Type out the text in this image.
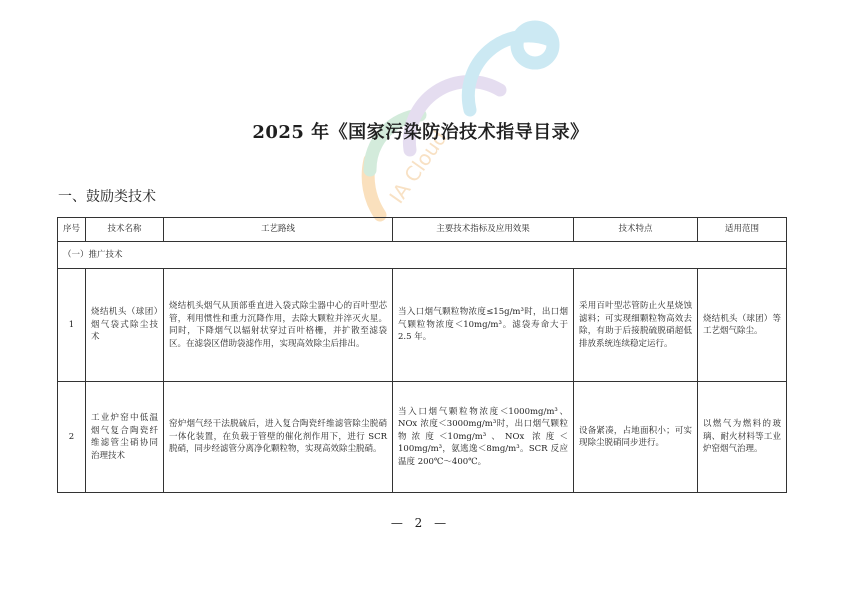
IA Cloud
2025 年《国家污染防治技术指导目录》
一、鼓励类技术
序号	技术名称	工艺路线	主要技术指标及应用效果	技术特点	适用范围
（一）推广技术					
1	烧结机头（球团）烟气袋式除尘技术	烧结机头烟气从顶部垂直进入袋式除尘器中心的百叶型芯管，利用惯性和重力沉降作用，去除大颗粒并淬灭火星。同时，下降烟气以辐射状穿过百叶格栅，并扩散至滤袋区。在滤袋区借助袋滤作用，实现高效除尘后排出。	当入口烟气颗粒物浓度≤15g/m³时，出口烟气颗粒物浓度＜10mg/m³。滤袋寿命大于 2.5 年。	采用百叶型芯管防止火星烧蚀滤料；可实现细颗粒物高效去除，有助于后接脱硫脱硝超低排放系统连续稳定运行。	烧结机头（球团）等工艺烟气除尘。
2	工业炉窑中低温烟气复合陶瓷纤维滤管尘硝协同治理技术	窑炉烟气经干法脱硫后，进入复合陶瓷纤维滤管除尘脱硝一体化装置，在负载于管壁的催化剂作用下，进行 SCR 脱硝，同步经滤管分离净化颗粒物，实现高效除尘脱硝。	当入口烟气颗粒物浓度＜1000mg/m³、NOx 浓度＜3000mg/m³时，出口烟气颗粒物浓度＜10mg/m³、NOx 浓度＜100mg/m³，氨逃逸＜8mg/m³。SCR 反应温度 200℃～400℃。	设备紧凑，占地面积小；可实现除尘脱硝同步进行。	以燃气为燃料的玻璃、耐火材料等工业炉窑烟气治理。
— 2 —
